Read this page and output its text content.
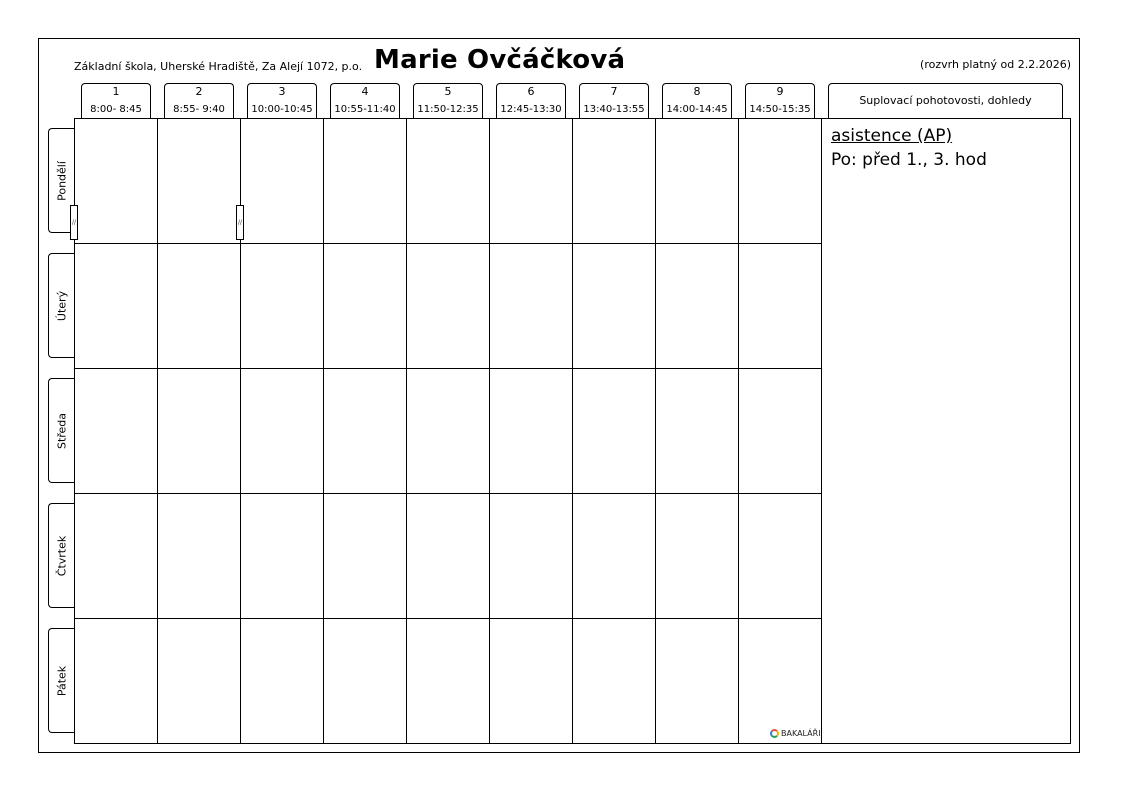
Základní škola, Uherské Hradiště, Za Alejí 1072, p.o. Marie Ovčáčková	(rozvrh platný od 2.2.2026)
1
8:00- 8:45
2
8:55- 9:40
3
10:00-10:45
4
10:55-11:40
5
11:50-12:35
6
12:45-13:30
7
13:40-13:55
8
14:00-14:45
9
14:50-15:35
Suplovací pohotovosti, dohledy
Pondělí
Úterý
Středa
Čtvrtek
Pátek
//	//
asistence (AP)
Po: před 1., 3. hod
BAKALÁŘI
